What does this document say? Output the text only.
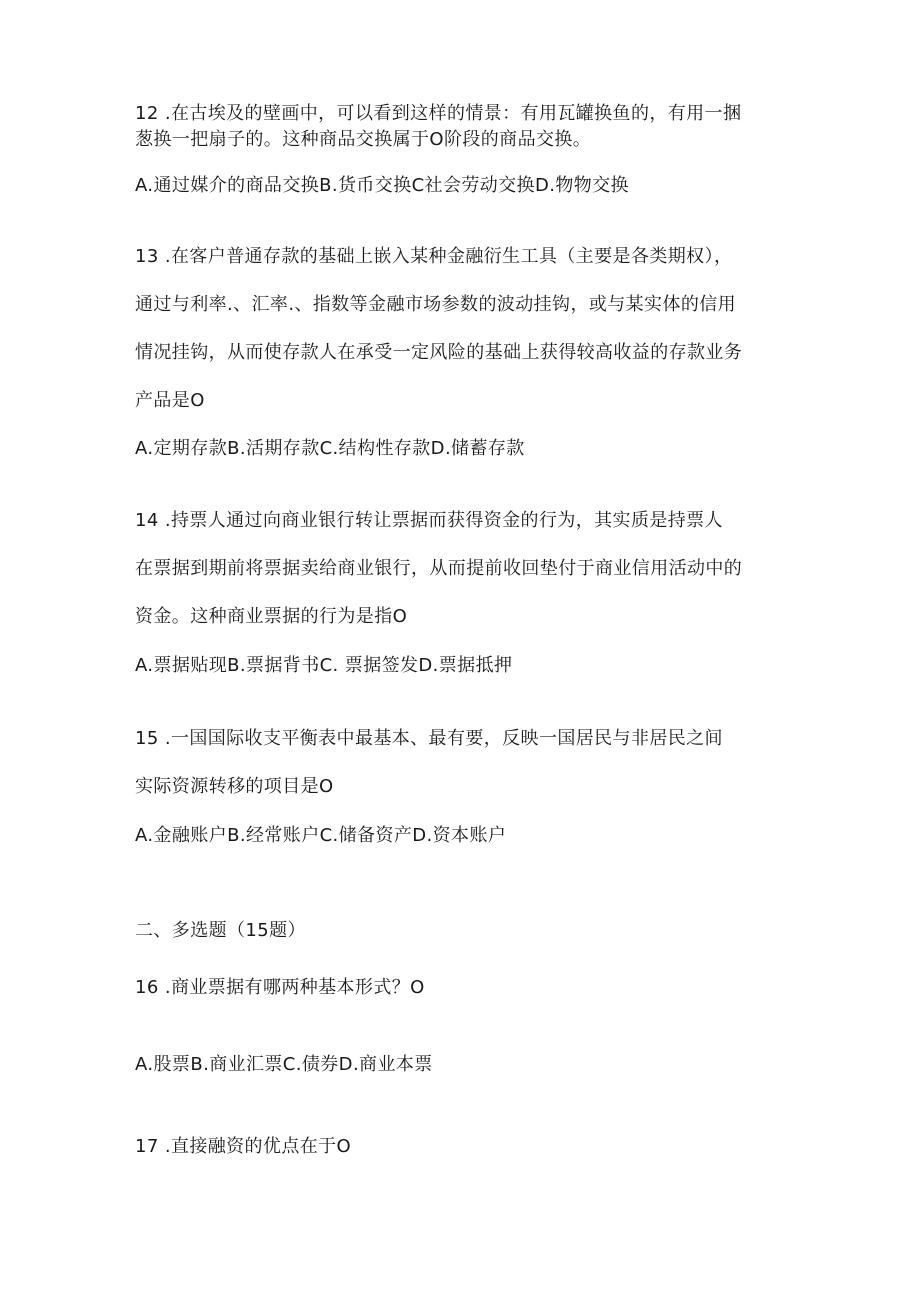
12 .在古埃及的壁画中，可以看到这样的情景：有用瓦罐换鱼的，有用一捆
葱换一把扇子的。这种商品交换属于O阶段的商品交换。
A.通过媒介的商品交换B.货币交换C社会劳动交换D.物物交换
13 .在客户普通存款的基础上嵌入某种金融衍生工具（主要是各类期权），
通过与利率.、汇率.、指数等金融市场参数的波动挂钩，或与某实体的信用
情况挂钩，从而使存款人在承受一定风险的基础上获得较高收益的存款业务
产品是O
A.定期存款B.活期存款C.结构性存款D.储蓄存款
14 .持票人通过向商业银行转让票据而获得资金的行为，其实质是持票人
在票据到期前将票据卖给商业银行，从而提前收回垫付于商业信用活动中的
资金。这种商业票据的行为是指O
A.票据贴现B.票据背书C. 票据签发D.票据抵押
15 .一国国际收支平衡表中最基本、最有要，反映一国居民与非居民之间
实际资源转移的项目是O
A.金融账户B.经常账户C.储备资产D.资本账户
二、多选题（15题）
16 .商业票据有哪两种基本形式？O
A.股票B.商业汇票C.债券D.商业本票
17 .直接融资的优点在于O
